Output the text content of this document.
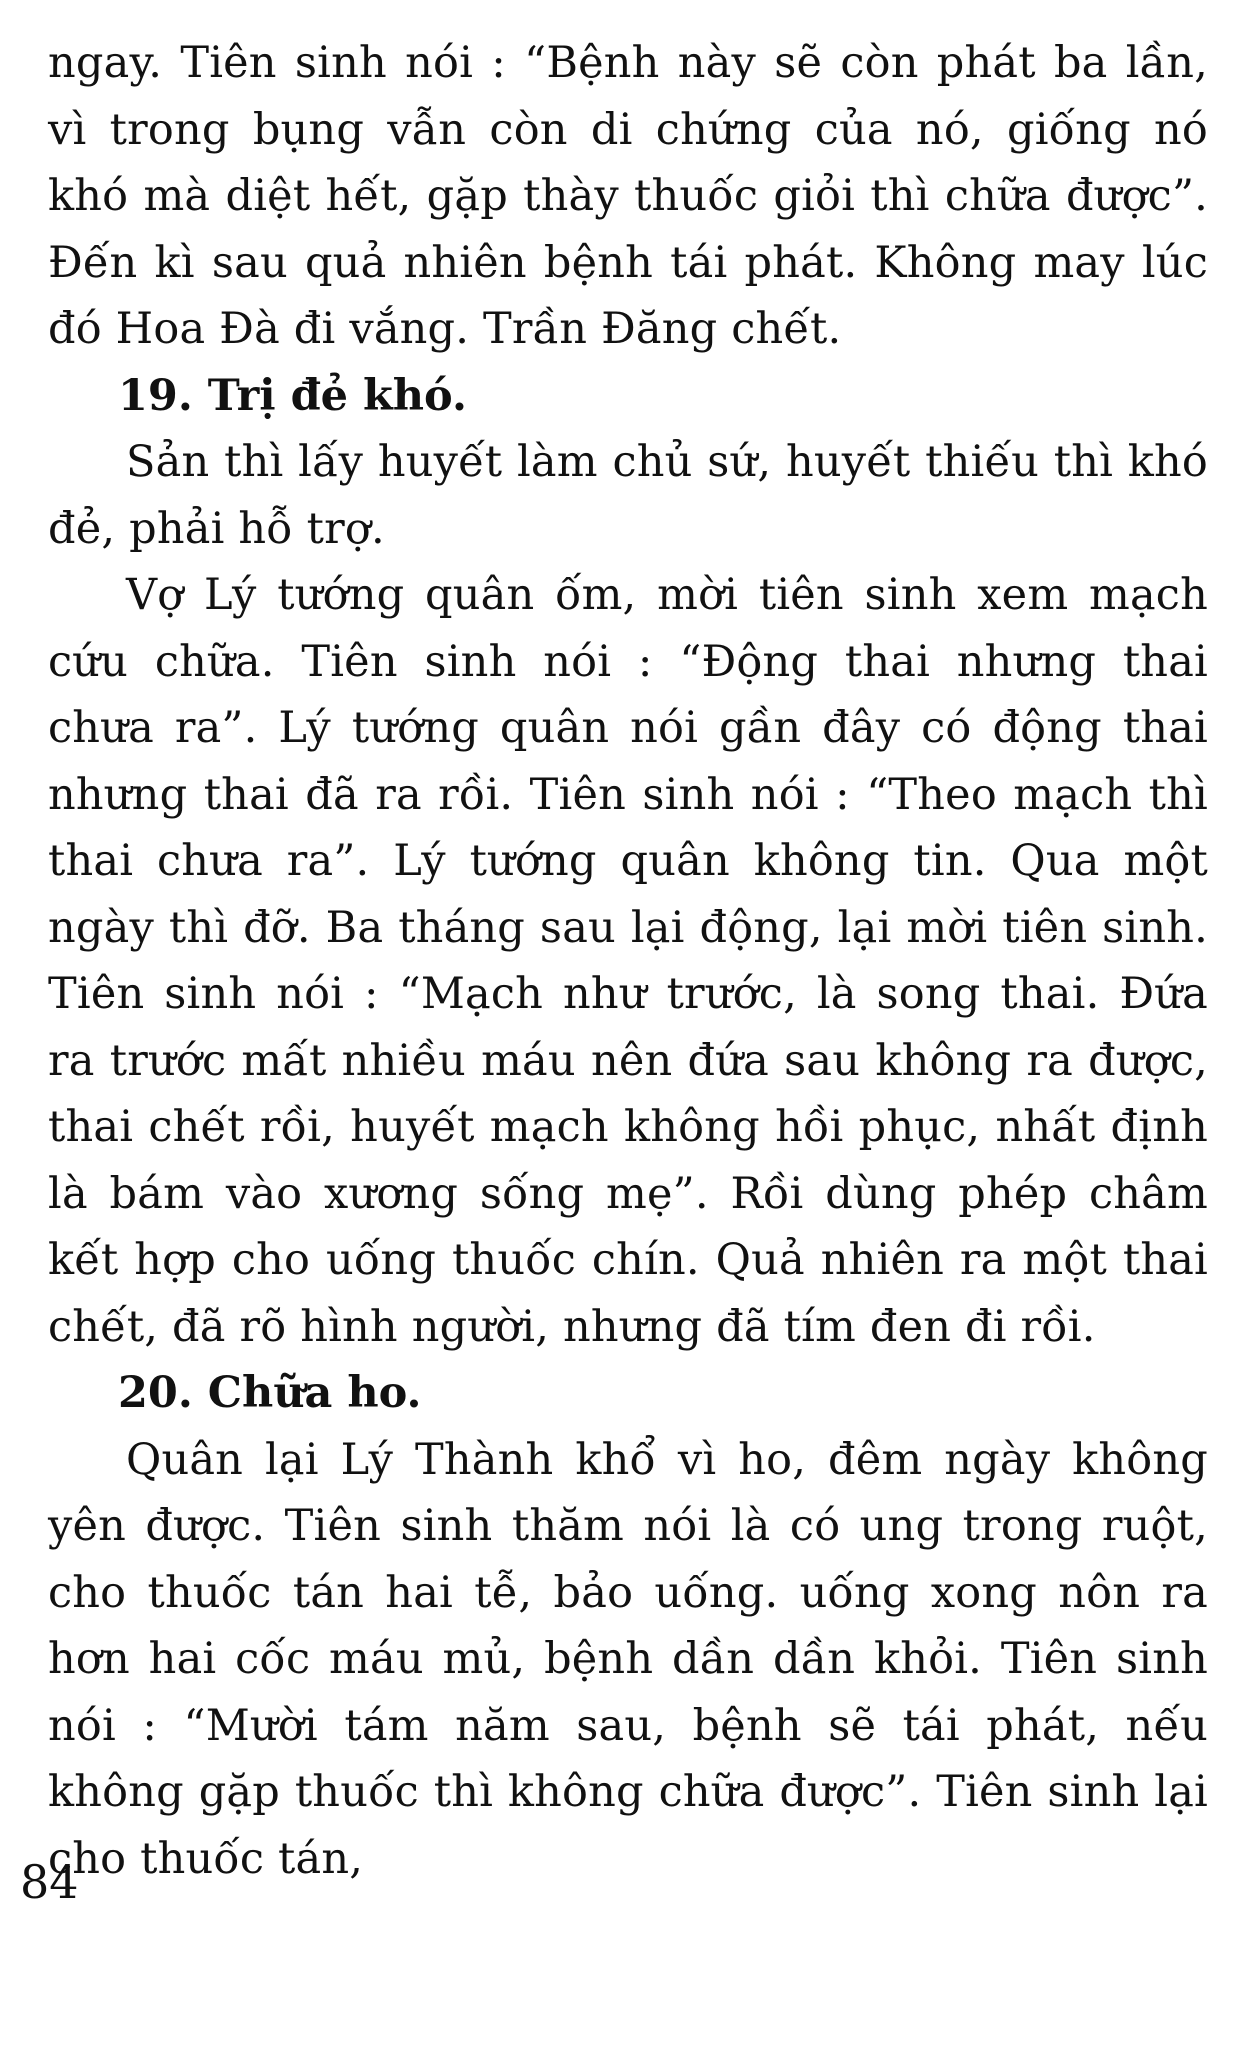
ngay. Tiên sinh nói : “Bệnh này sẽ còn phát ba lần, vì trong bụng vẫn còn di chứng của nó, giống nó khó mà diệt hết, gặp thày thuốc giỏi thì chữa được”. Đến kì sau quả nhiên bệnh tái phát. Không may lúc đó Hoa Đà đi vắng. Trần Đăng chết.

19. Trị đẻ khó.

Sản thì lấy huyết làm chủ sứ, huyết thiếu thì khó đẻ, phải hỗ trợ.

Vợ Lý tướng quân ốm, mời tiên sinh xem mạch cứu chữa. Tiên sinh nói : “Động thai nhưng thai chưa ra”. Lý tướng quân nói gần đây có động thai nhưng thai đã ra rồi. Tiên sinh nói : “Theo mạch thì thai chưa ra”. Lý tướng quân không tin. Qua một ngày thì đỡ. Ba tháng sau lại động, lại mời tiên sinh. Tiên sinh nói : “Mạch như trước, là song thai. Đứa ra trước mất nhiều máu nên đứa sau không ra được, thai chết rồi, huyết mạch không hồi phục, nhất định là bám vào xương sống mẹ”. Rồi dùng phép châm kết hợp cho uống thuốc chín. Quả nhiên ra một thai chết, đã rõ hình người, nhưng đã tím đen đi rồi.

20. Chữa ho.

Quân lại Lý Thành khổ vì ho, đêm ngày không yên được. Tiên sinh thăm nói là có ung trong ruột, cho thuốc tán hai tễ, bảo uống. uống xong nôn ra hơn hai cốc máu mủ, bệnh dần dần khỏi. Tiên sinh nói : “Mười tám năm sau, bệnh sẽ tái phát, nếu không gặp thuốc thì không chữa được”. Tiên sinh lại cho thuốc tán,

84
